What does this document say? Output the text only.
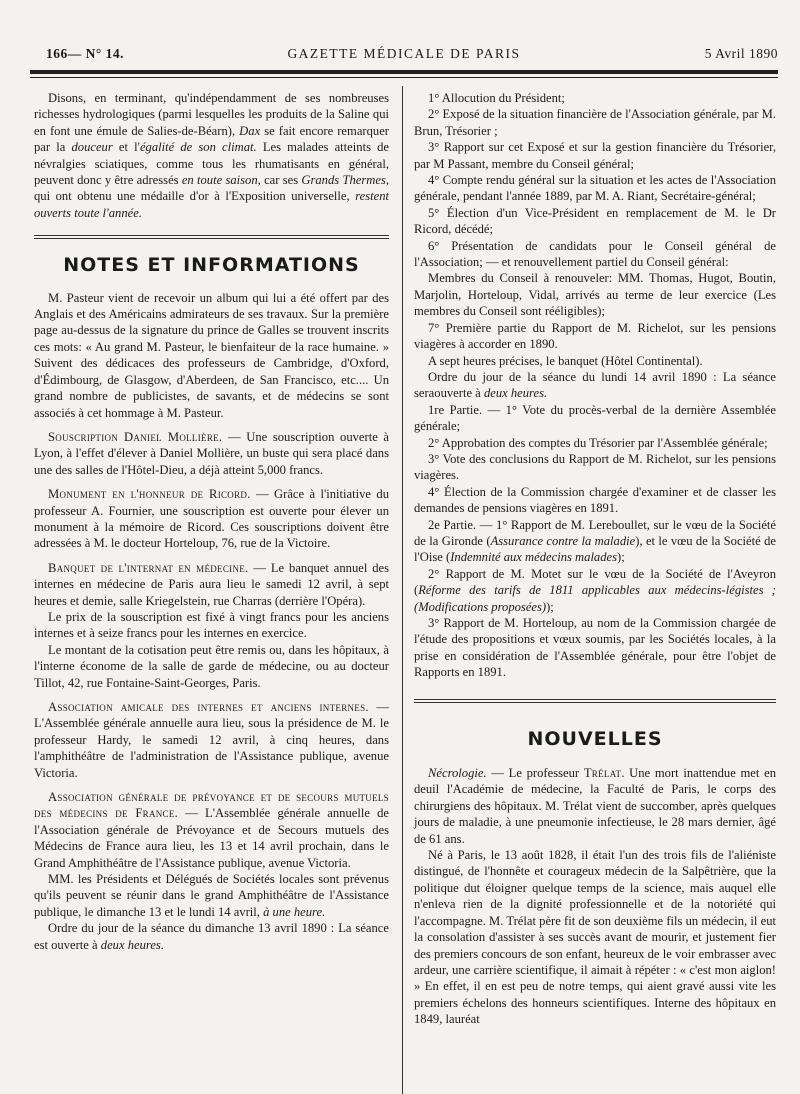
166— N° 14.	GAZETTE MÉDICALE DE PARIS	5 Avril 1890

Disons, en terminant, qu'indépendamment de ses nombreuses richesses hydrologiques (parmi lesquelles les produits de la Saline qui en font une émule de Salies-de-Béarn), Dax se fait encore remarquer par la douceur et l'égalité de son climat. Les malades atteints de névralgies sciatiques, comme tous les rhumatisants en général, peuvent donc y être adressés en toute saison, car ses Grands Thermes, qui ont obtenu une médaille d'or à l'Exposition universelle, restent ouverts toute l'année.

NOTES ET INFORMATIONS

M. Pasteur vient de recevoir un album qui lui a été offert par des Anglais et des Américains admirateurs de ses travaux. Sur la première page au-dessus de la signature du prince de Galles se trouvent inscrits ces mots: « Au grand M. Pasteur, le bienfaiteur de la race humaine. » Suivent des dédicaces des professeurs de Cambridge, d'Oxford, d'Édimbourg, de Glasgow, d'Aberdeen, de San Francisco, etc.... Un grand nombre de publicistes, de savants, et de médecins se sont associés à cet hommage à M. Pasteur.

Souscription Daniel Mollière. — Une souscription ouverte à Lyon, à l'effet d'élever à Daniel Mollière, un buste qui sera placé dans une des salles de l'Hôtel-Dieu, a déjà atteint 5,000 francs.

Monument en l'honneur de Ricord. — Grâce à l'initiative du professeur A. Fournier, une souscription est ouverte pour élever un monument à la mémoire de Ricord. Ces souscriptions doivent être adressées à M. le docteur Horteloup, 76, rue de la Victoire.

Banquet de l'internat en médecine. — Le banquet annuel des internes en médecine de Paris aura lieu le samedi 12 avril, à sept heures et demie, salle Kriegelstein, rue Charras (derrière l'Opéra).

Le prix de la souscription est fixé à vingt francs pour les anciens internes et à seize francs pour les internes en exercice.

Le montant de la cotisation peut être remis ou, dans les hôpitaux, à l'interne économe de la salle de garde de médecine, ou au docteur Tillot, 42, rue Fontaine-Saint-Georges, Paris.

Association amicale des internes et anciens internes. — L'Assemblée générale annuelle aura lieu, sous la présidence de M. le professeur Hardy, le samedi 12 avril, à cinq heures, dans l'amphithéâtre de l'administration de l'Assistance publique, avenue Victoria.

Association générale de prévoyance et de secours mutuels des médecins de France. — L'Assemblée générale annuelle de l'Association générale de Prévoyance et de Secours mutuels des Médecins de France aura lieu, les 13 et 14 avril prochain, dans le Grand Amphithéâtre de l'Assistance publique, avenue Victoria.

MM. les Présidents et Délégués de Sociétés locales sont prévenus qu'ils peuvent se réunir dans le grand Amphithéâtre de l'Assistance publique, le dimanche 13 et le lundi 14 avril, à une heure.

Ordre du jour de la séance du dimanche 13 avril 1890 : La séance est ouverte à deux heures.

1° Allocution du Président;

2° Exposé de la situation financière de l'Association générale, par M. Brun, Trésorier ;

3° Rapport sur cet Exposé et sur la gestion financière du Trésorier, par M Passant, membre du Conseil général;

4° Compte rendu général sur la situation et les actes de l'Association générale, pendant l'année 1889, par M. A. Riant, Secrétaire-général;

5° Élection d'un Vice-Président en remplacement de M. le Dr Ricord, décédé;

6° Présentation de candidats pour le Conseil général de l'Association; — et renouvellement partiel du Conseil général:

Membres du Conseil à renouveler: MM. Thomas, Hugot, Boutin, Marjolin, Horteloup, Vidal, arrivés au terme de leur exercice (Les membres du Conseil sont rééligibles);

7° Première partie du Rapport de M. Richelot, sur les pensions viagères à accorder en 1890.

A sept heures précises, le banquet (Hôtel Continental).

Ordre du jour de la séance du lundi 14 avril 1890 : La séance seraouverte à deux heures.

1re Partie. — 1° Vote du procès-verbal de la dernière Assemblée générale;

2° Approbation des comptes du Trésorier par l'Assemblée générale;

3° Vote des conclusions du Rapport de M. Richelot, sur les pensions viagères.

4° Élection de la Commission chargée d'examiner et de classer les demandes de pensions viagères en 1891.

2e Partie. — 1° Rapport de M. Lereboullet, sur le vœu de la Société de la Gironde (Assurance contre la maladie), et le vœu de la Société de l'Oise (Indemnité aux médecins malades);

2° Rapport de M. Motet sur le vœu de la Société de l'Aveyron (Réforme des tarifs de 1811 applicables aux médecins-légistes ; (Modifications proposées));

3° Rapport de M. Horteloup, au nom de la Commission chargée de l'étude des propositions et vœux soumis, par les Sociétés locales, à la prise en considération de l'Assemblée générale, pour être l'objet de Rapports en 1891.

NOUVELLES

Nécrologie. — Le professeur Trélat. Une mort inattendue met en deuil l'Académie de médecine, la Faculté de Paris, le corps des chirurgiens des hôpitaux. M. Trélat vient de succomber, après quelques jours de maladie, à une pneumonie infectieuse, le 28 mars dernier, âgé de 61 ans.

Né à Paris, le 13 août 1828, il était l'un des trois fils de l'aliéniste distingué, de l'honnête et courageux médecin de la Salpêtrière, que la politique dut éloigner quelque temps de la science, mais auquel elle n'enleva rien de la dignité professionnelle et de la notoriété qui l'accompagne. M. Trélat père fit de son deuxième fils un médecin, il eut la consolation d'assister à ses succès avant de mourir, et justement fier des premiers concours de son enfant, heureux de le voir embrasser avec ardeur, une carrière scientifique, il aimait à répéter : « c'est mon aiglon! » En effet, il en est peu de notre temps, qui aient gravé aussi vite les premiers échelons des honneurs scientifiques. Interne des hôpitaux en 1849, lauréat
